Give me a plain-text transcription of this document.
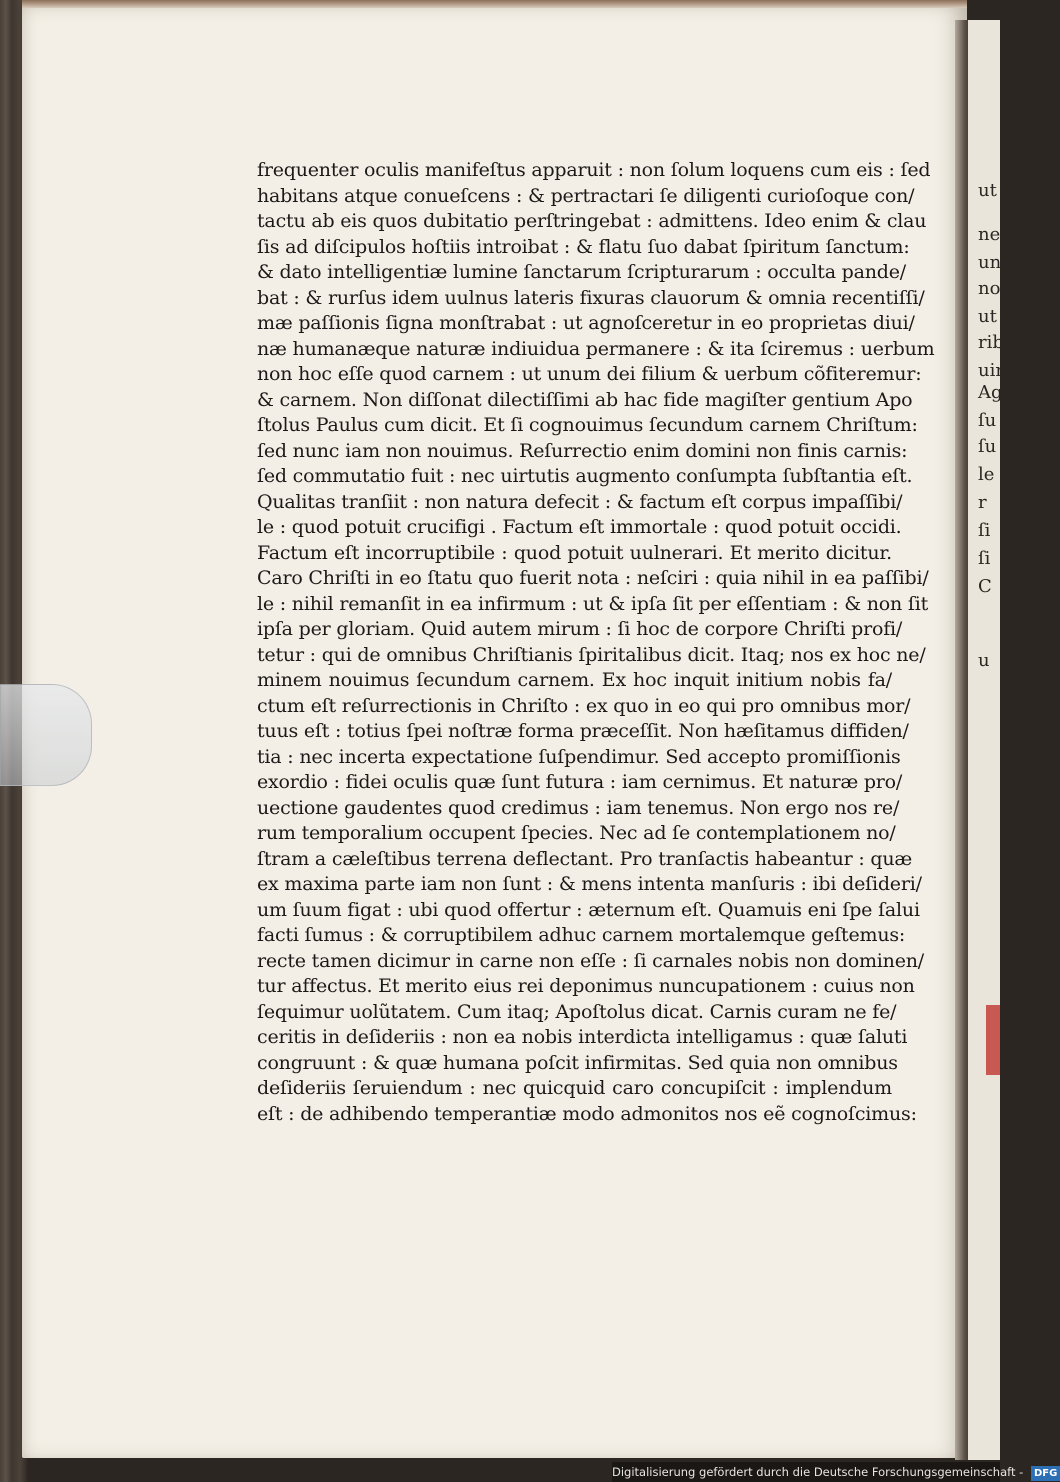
ut
nec
un
no
ut
rib
uir
Ag
ſu
ſu
le
r
ſi
ſi
C
u
frequenter oculis manifeſtus apparuit : non ſolum loquens cum eis : ſed
habitans atque conueſcens : & pertractari ſe diligenti curioſoque con/
tactu ab eis quos dubitatio perſtringebat : admittens. Ideo enim & clau
ſis ad diſcipulos hoſtiis introibat : & flatu ſuo dabat ſpiritum ſanctum:
& dato intelligentiæ lumine ſanctarum ſcripturarum : occulta pande/
bat : & rurſus idem uulnus lateris fixuras clauorum & omnia recentiſſi/
mæ paſſionis ſigna monſtrabat : ut agnoſceretur in eo proprietas diui/
næ humanæque naturæ indiuidua permanere : & ita ſciremus : uerbum
non hoc eſſe quod carnem : ut unum dei filium & uerbum cõfiteremur:
& carnem. Non diſſonat dilectiſſimi ab hac fide magiſter gentium Apo
ſtolus Paulus cum dicit. Et ſi cognouimus ſecundum carnem Chriſtum:
ſed nunc iam non nouimus. Reſurrectio enim domini non finis carnis:
ſed commutatio fuit : nec uirtutis augmento conſumpta ſubſtantia eſt.
Qualitas tranſiit : non natura defecit : & factum eſt corpus impaſſibi/
le : quod potuit crucifigi . Factum eſt immortale : quod potuit occidi.
Factum eſt incorruptibile : quod potuit uulnerari. Et merito dicitur.
Caro Chriſti in eo ſtatu quo fuerit nota : neſciri : quia nihil in ea paſſibi/
le : nihil remanſit in ea infirmum : ut & ipſa ſit per eſſentiam : & non ſit
ipſa per gloriam. Quid autem mirum : ſi hoc de corpore Chriſti profi/
tetur : qui de omnibus Chriſtianis ſpiritalibus dicit. Itaq; nos ex hoc ne/
minem nouimus ſecundum carnem. Ex hoc inquit initium nobis fa/
ctum eſt reſurrectionis in Chriſto : ex quo in eo qui pro omnibus mor/
tuus eſt : totius ſpei noſtræ forma præceſſit. Non hæſitamus diffiden/
tia : nec incerta expectatione ſuſpendimur. Sed accepto promiſſionis
exordio : fidei oculis quæ ſunt futura : iam cernimus. Et naturæ pro/
uectione gaudentes quod credimus : iam tenemus. Non ergo nos re/
rum temporalium occupent ſpecies. Nec ad ſe contemplationem no/
ſtram a cæleſtibus terrena deflectant. Pro tranſactis habeantur : quæ
ex maxima parte iam non ſunt : & mens intenta manſuris : ibi deſideri/
um ſuum figat : ubi quod offertur : æternum eſt. Quamuis eni ſpe ſalui
facti ſumus : & corruptibilem adhuc carnem mortalemque geſtemus:
recte tamen dicimur in carne non eſſe : ſi carnales nobis non dominen/
tur affectus. Et merito eius rei deponimus nuncupationem : cuius non
ſequimur uolũtatem. Cum itaq; Apoſtolus dicat. Carnis curam ne fe/
ceritis in deſideriis : non ea nobis interdicta intelligamus : quæ ſaluti
congruunt : & quæ humana poſcit infirmitas. Sed quia non omnibus
deſideriis ſeruiendum : nec quicquid caro concupiſcit : implendum
eſt : de adhibendo temperantiæ modo admonitos nos eẽ cognoſcimus:
Digitalisierung gefördert durch die Deutsche Forschungsgemeinschaft - DFG
